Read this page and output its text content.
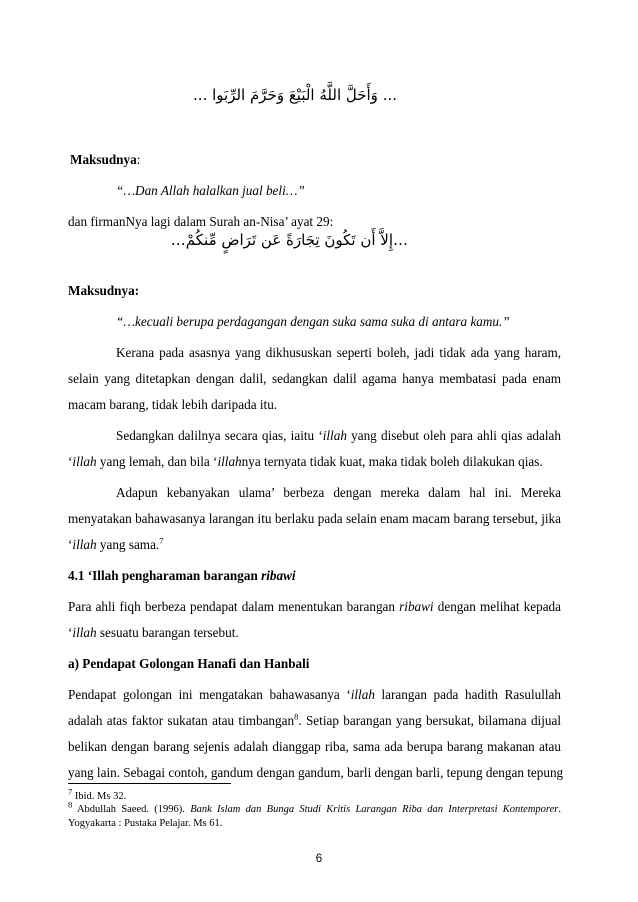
... وَأَحَلَّ اللَّهُ الْبَيْعَ وَحَرَّمَ الرِّبَوا ...
Maksudnya:
“…Dan Allah halalkan jual beli…”
dan firmanNya lagi dalam Surah an-Nisa’ ayat 29:
…إِلاَّ أَن تَكُونَ تِجَارَةً عَن تَرَاضٍ مِّنكُمْ…
Maksudnya:
“…kecuali berupa perdagangan dengan suka sama suka di antara kamu.”
Kerana pada asasnya yang dikhususkan seperti boleh, jadi tidak ada yang haram,
selain yang ditetapkan dengan dalil, sedangkan dalil agama hanya membatasi pada enam
macam barang, tidak lebih daripada itu.
Sedangkan dalilnya secara qias, iaitu ‘illah yang disebut oleh para ahli qias adalah
‘illah yang lemah, dan bila ‘illahnya ternyata tidak kuat, maka tidak boleh dilakukan qias.
Adapun kebanyakan ulama’ berbeza dengan mereka dalam hal ini. Mereka
menyatakan bahawasanya larangan itu berlaku pada selain enam macam barang tersebut, jika
‘illah yang sama.$^7$
4.1 ‘Illah pengharaman barangan ribawi
Para ahli fiqh berbeza pendapat dalam menentukan barangan ribawi dengan melihat kepada
‘illah sesuatu barangan tersebut.
a) Pendapat Golongan Hanafi dan Hanbali
Pendapat golongan ini mengatakan bahawasanya ‘illah larangan pada hadith Rasulullah
adalah atas faktor sukatan atau timbangan$^8$. Setiap barangan yang bersukat, bilamana dijual
belikan dengan barang sejenis adalah dianggap riba, sama ada berupa barang makanan atau
yang lain. Sebagai contoh, gandum dengan gandum, barli dengan barli, tepung dengan tepung
$^7$ Ibid. Ms 32.
$^8$ Abdullah Saeed. (1996). Bank Islam dan Bunga Studi Kritis Larangan Riba dan Interpretasi Kontemporer.
Yogyakarta : Pustaka Pelajar. Ms 61.
6
